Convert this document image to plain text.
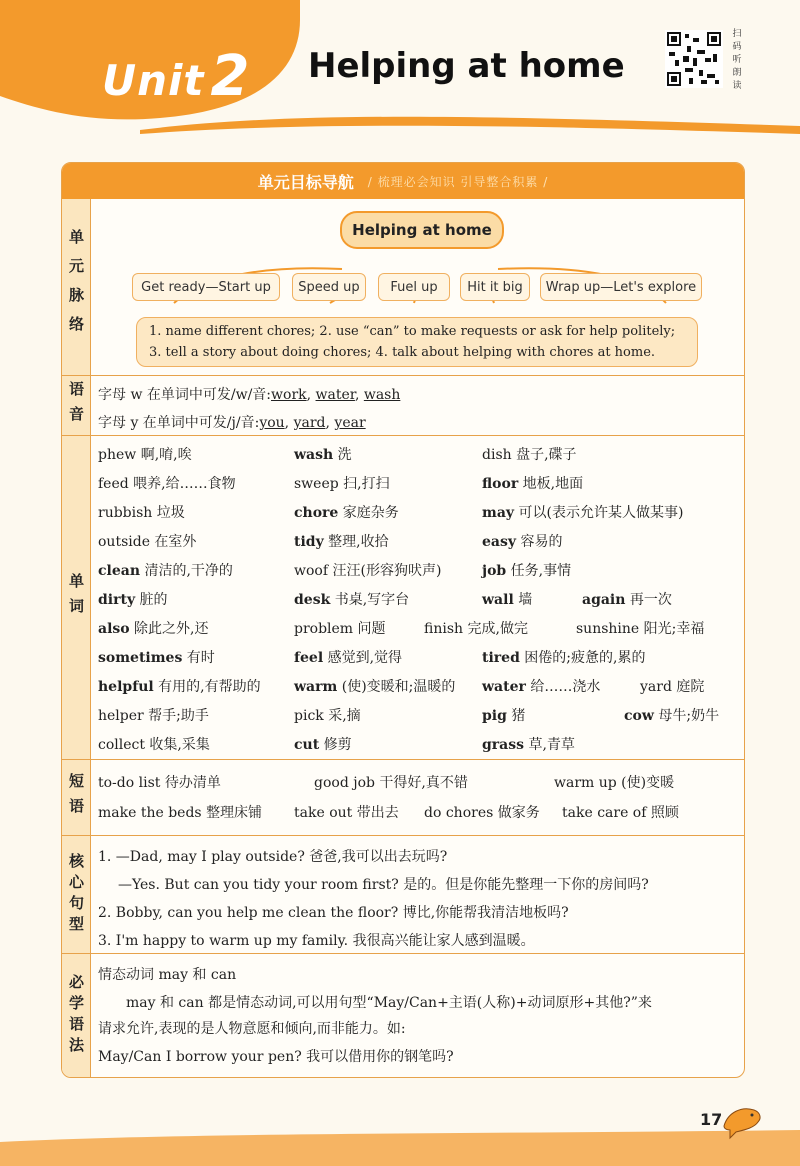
Unit 2 Helping at home
扫码听朗读
单元目标导航 / 梳理必会知识 引导整合积累 /
单元脉络	Helping at home
Get ready—Start up	Speed up	Fuel up	Hit it big	Wrap up—Let's explore
1. name different chores; 2. use “can” to make requests or ask for help politely;
3. tell a story about doing chores; 4. talk about helping with chores at home.
语音 字母 w 在单词中可发/w/音:work, water, wash
字母 y 在单词中可发/j/音:you, yard, year
单词
phew 啊,唷,唉	wash 洗	dish 盘子,碟子
feed 喂养,给……食物	sweep 扫,打扫	floor 地板,地面
rubbish 垃圾	chore 家庭杂务	may 可以(表示允许某人做某事)
outside 在室外	tidy 整理,收拾	easy 容易的
clean 清洁的,干净的	woof 汪汪(形容狗吠声)	job 任务,事情
dirty 脏的	desk 书桌,写字台	wall 墙	again 再一次
also 除此之外,还	problem 问题	finish 完成,做完	sunshine 阳光;幸福
sometimes 有时	feel 感觉到,觉得	tired 困倦的;疲惫的,累的
helpful 有用的,有帮助的 warm (使)变暖和;温暖的 water 给……浇水	yard 庭院
helper 帮手;助手	pick 采,摘	pig 猪	cow 母牛;奶牛
collect 收集,采集	cut 修剪	grass 草,青草
短语 to-do list 待办清单	good job 干得好,真不错	warm up (使)变暖
make the beds 整理床铺 take out 带出去 do chores 做家务 take care of 照顾
核心句型 1. —Dad, may I play outside? 爸爸,我可以出去玩吗?
—Yes. But can you tidy your room first? 是的。但是你能先整理一下你的房间吗?
2. Bobby, can you help me clean the floor? 博比,你能帮我清洁地板吗?
3. I'm happy to warm up my family. 我很高兴能让家人感到温暖。
必学语法 情态动词 may 和 can
may 和 can 都是情态动词,可以用句型“May/Can+主语(人称)+动词原形+其他?”来
请求允许,表现的是人物意愿和倾向,而非能力。如:
May/Can I borrow your pen? 我可以借用你的钢笔吗?
17
